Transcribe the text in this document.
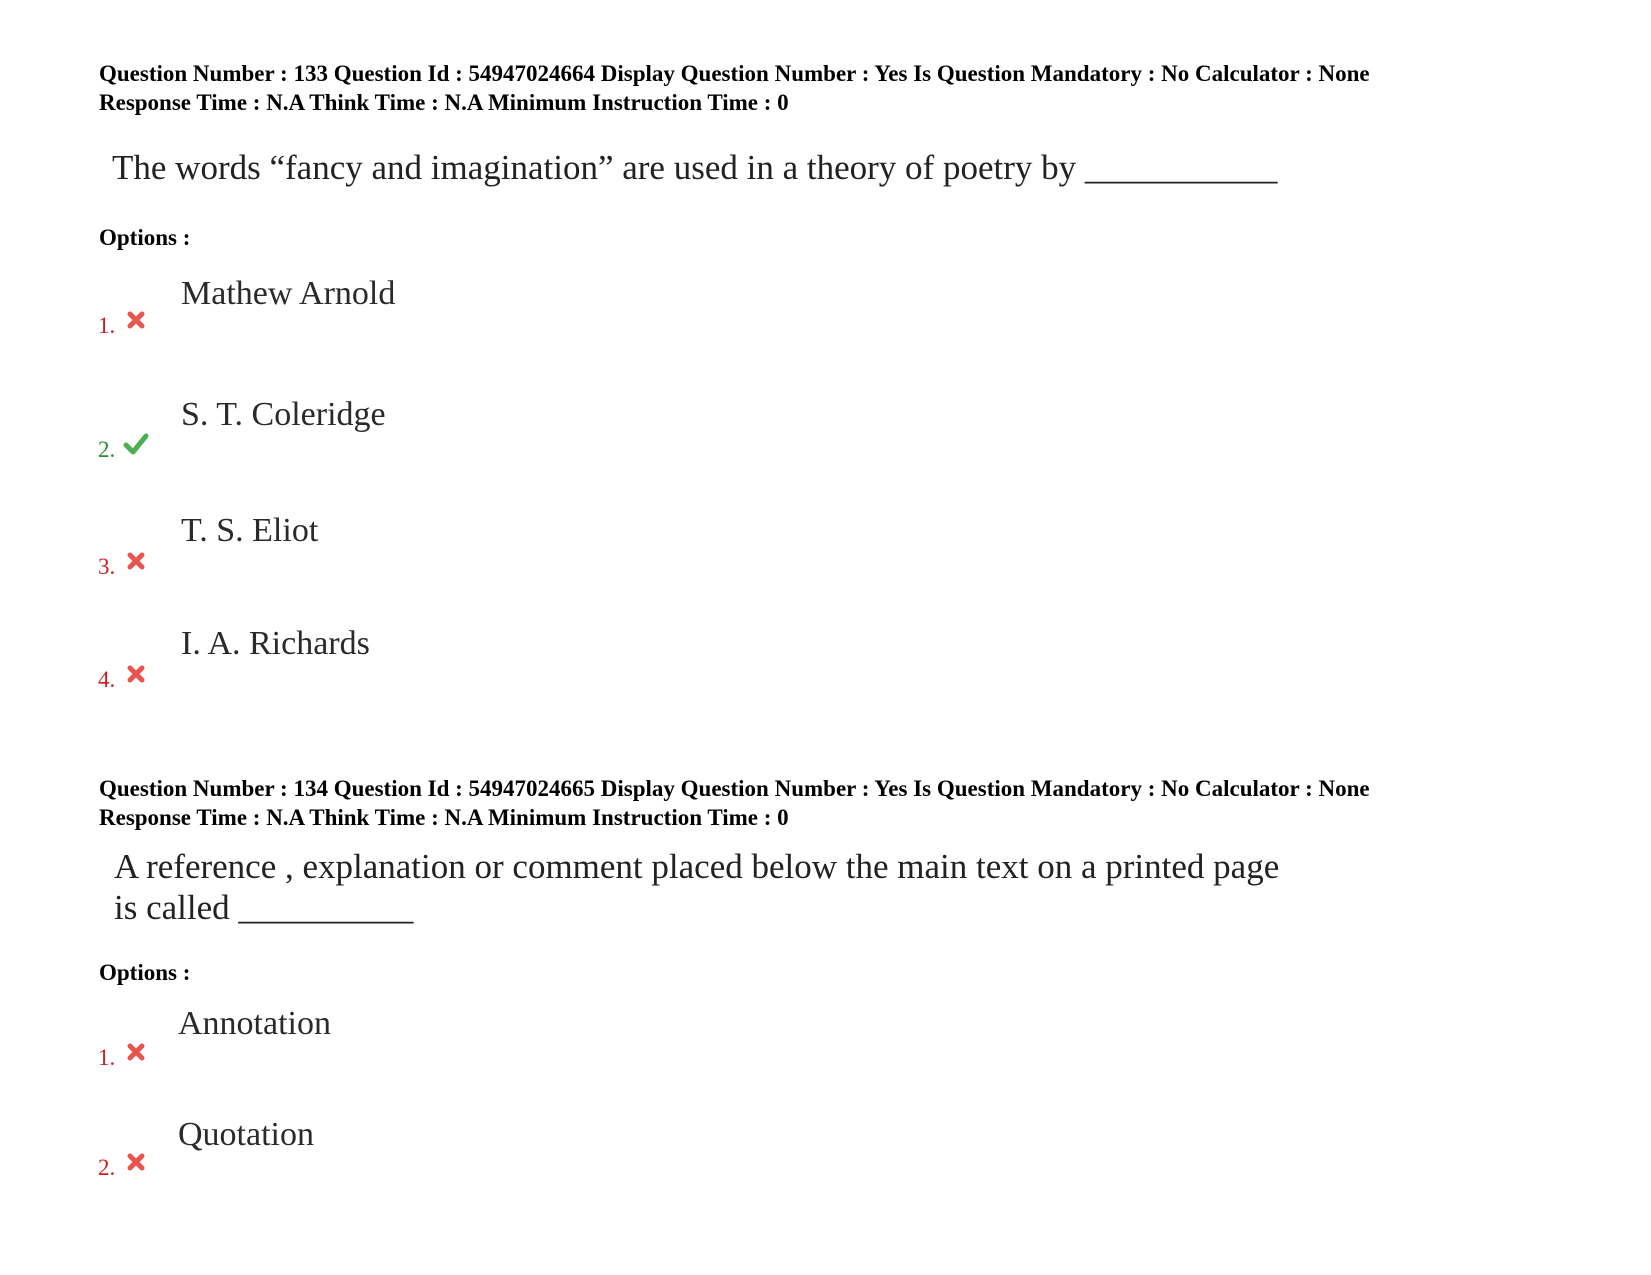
Question Number : 133 Question Id : 54947024664 Display Question Number : Yes Is Question Mandatory : No Calculator : None
Response Time : N.A Think Time : N.A Minimum Instruction Time : 0
The words “fancy and imagination” are used in a theory of poetry by ___________
Options :
1.
Mathew Arnold
2.
S. T. Coleridge
3.
T. S. Eliot
4.
I. A. Richards
Question Number : 134 Question Id : 54947024665 Display Question Number : Yes Is Question Mandatory : No Calculator : None
Response Time : N.A Think Time : N.A Minimum Instruction Time : 0
A reference , explanation or comment placed below the main text on a printed page
is called __________
Options :
1.
Annotation
2.
Quotation
